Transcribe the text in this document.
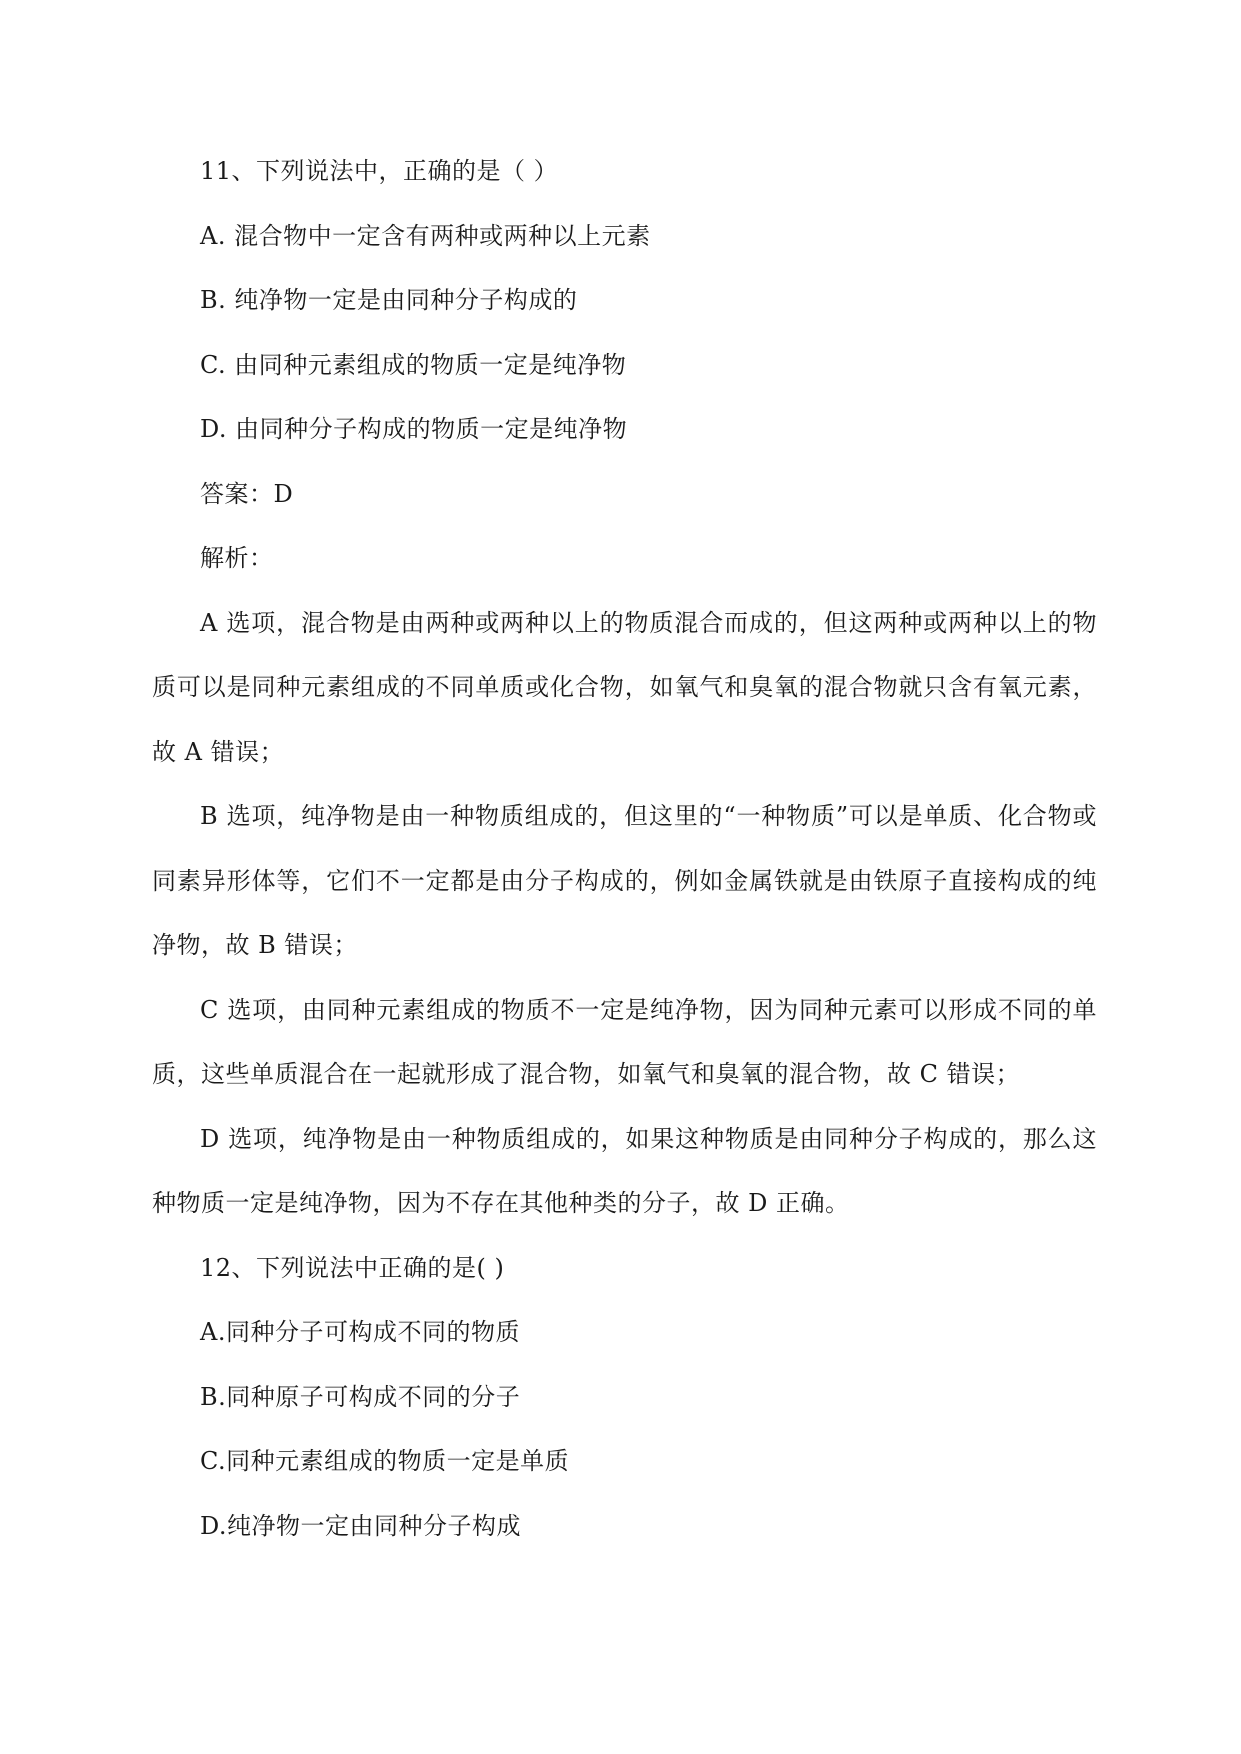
11、下列说法中，正确的是（ ）
A. 混合物中一定含有两种或两种以上元素
B. 纯净物一定是由同种分子构成的
C. 由同种元素组成的物质一定是纯净物
D. 由同种分子构成的物质一定是纯净物
答案：D
解析：
A 选项，混合物是由两种或两种以上的物质混合而成的，但这两种或两种以上的物质可以是同种元素组成的不同单质或化合物，如氧气和臭氧的混合物就只含有氧元素，故 A 错误；
B 选项，纯净物是由一种物质组成的，但这里的“一种物质”可以是单质、化合物或同素异形体等，它们不一定都是由分子构成的，例如金属铁就是由铁原子直接构成的纯净物，故 B 错误；
C 选项，由同种元素组成的物质不一定是纯净物，因为同种元素可以形成不同的单质，这些单质混合在一起就形成了混合物，如氧气和臭氧的混合物，故 C 错误；
D 选项，纯净物是由一种物质组成的，如果这种物质是由同种分子构成的，那么这种物质一定是纯净物，因为不存在其他种类的分子，故 D 正确。
12、下列说法中正确的是( )
A.同种分子可构成不同的物质
B.同种原子可构成不同的分子
C.同种元素组成的物质一定是单质
D.纯净物一定由同种分子构成
